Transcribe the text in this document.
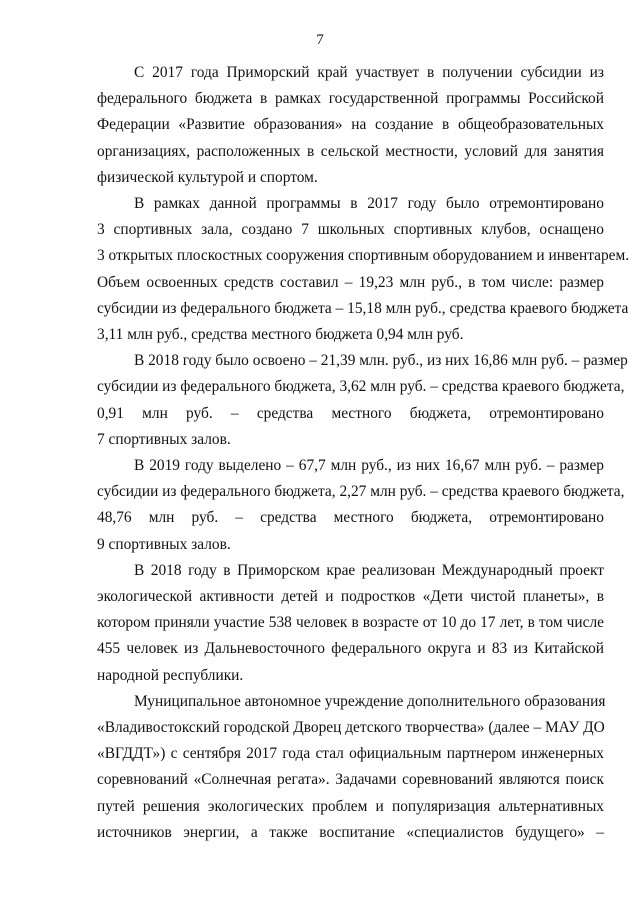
7

С 2017 года Приморский край участвует в получении субсидии из
федерального бюджета в рамках государственной программы Российской
Федерации «Развитие образования» на создание в общеобразовательных
организациях, расположенных в сельской местности, условий для занятия
физической культурой и спортом.

В рамках данной программы в 2017 году было отремонтировано
3 спортивных зала, создано 7 школьных спортивных клубов, оснащено
3 открытых плоскостных сооружения спортивным оборудованием и инвентарем.
Объем освоенных средств составил – 19,23 млн руб., в том числе: размер
субсидии из федерального бюджета – 15,18 млн руб., средства краевого бюджета
3,11 млн руб., средства местного бюджета 0,94 млн руб.

В 2018 году было освоено – 21,39 млн. руб., из них 16,86 млн руб. – размер
субсидии из федерального бюджета, 3,62 млн руб. – средства краевого бюджета,
0,91 млн руб. – средства местного бюджета, отремонтировано
7 спортивных залов.

В 2019 году выделено – 67,7 млн руб., из них 16,67 млн руб. – размер
субсидии из федерального бюджета, 2,27 млн руб. – средства краевого бюджета,
48,76 млн руб. – средства местного бюджета, отремонтировано
9 спортивных залов.

В 2018 году в Приморском крае реализован Международный проект
экологической активности детей и подростков «Дети чистой планеты», в
котором приняли участие 538 человек в возрасте от 10 до 17 лет, в том числе
455 человек из Дальневосточного федерального округа и 83 из Китайской
народной республики.

Муниципальное автономное учреждение дополнительного образования
«Владивостокский городской Дворец детского творчества» (далее – МАУ ДО
«ВГДДТ») с сентября 2017 года стал официальным партнером инженерных
соревнований «Солнечная регата». Задачами соревнований являются поиск
путей решения экологических проблем и популяризация альтернативных
источников энергии, а также воспитание «специалистов будущего» –
